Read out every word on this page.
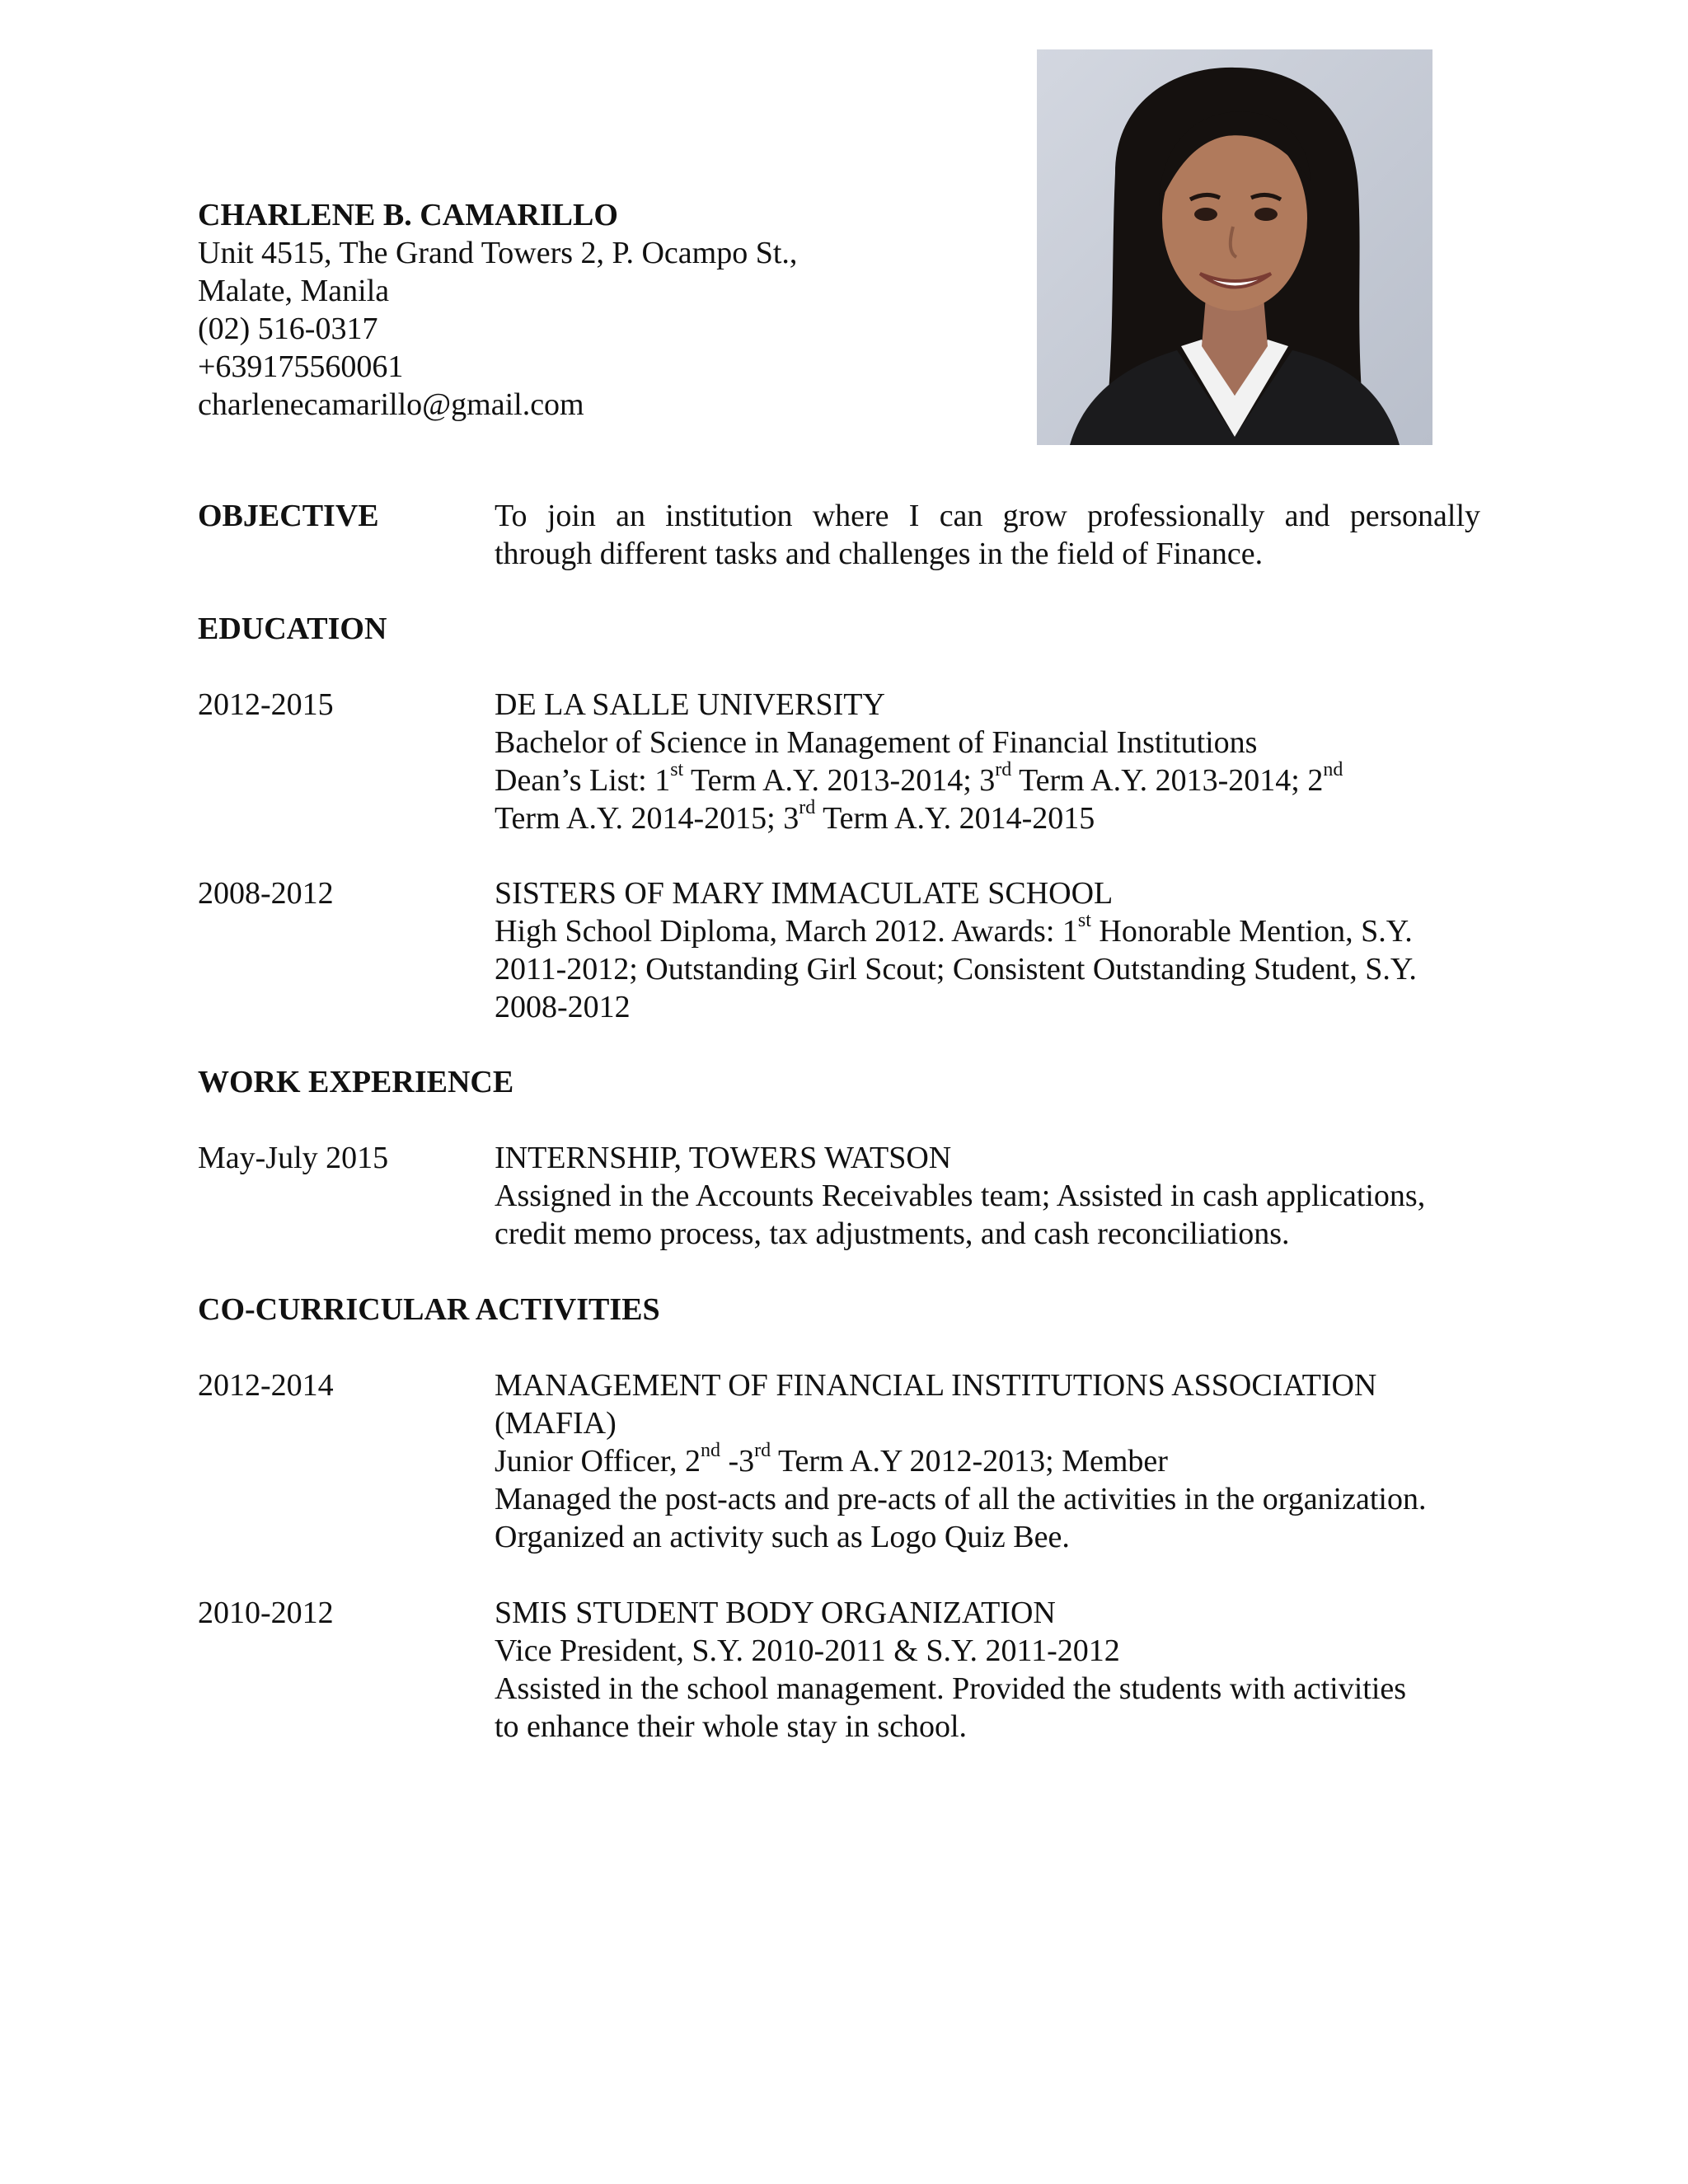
CHARLENE B. CAMARILLO
Unit 4515, The Grand Towers 2, P. Ocampo St.,
Malate, Manila
(02) 516-0317
+639175560061
charlenecamarillo@gmail.com
OBJECTIVE	To join an institution where I can grow professionally and personally
through different tasks and challenges in the field of Finance.
EDUCATION
2012-2015	DE LA SALLE UNIVERSITY
Bachelor of Science in Management of Financial Institutions
Dean’s List: 1st Term A.Y. 2013-2014; 3rd Term A.Y. 2013-2014; 2nd
Term A.Y. 2014-2015; 3rd Term A.Y. 2014-2015
2008-2012	SISTERS OF MARY IMMACULATE SCHOOL
High School Diploma, March 2012. Awards: 1st Honorable Mention, S.Y.
2011-2012; Outstanding Girl Scout; Consistent Outstanding Student, S.Y.
2008-2012
WORK EXPERIENCE
May-July 2015	INTERNSHIP, TOWERS WATSON
Assigned in the Accounts Receivables team; Assisted in cash applications,
credit memo process, tax adjustments, and cash reconciliations.
CO-CURRICULAR ACTIVITIES
2012-2014	MANAGEMENT OF FINANCIAL INSTITUTIONS ASSOCIATION
(MAFIA)
Junior Officer, 2nd -3rd Term A.Y 2012-2013; Member
Managed the post-acts and pre-acts of all the activities in the organization.
Organized an activity such as Logo Quiz Bee.
2010-2012	SMIS STUDENT BODY ORGANIZATION
Vice President, S.Y. 2010-2011 & S.Y. 2011-2012
Assisted in the school management. Provided the students with activities
to enhance their whole stay in school.
